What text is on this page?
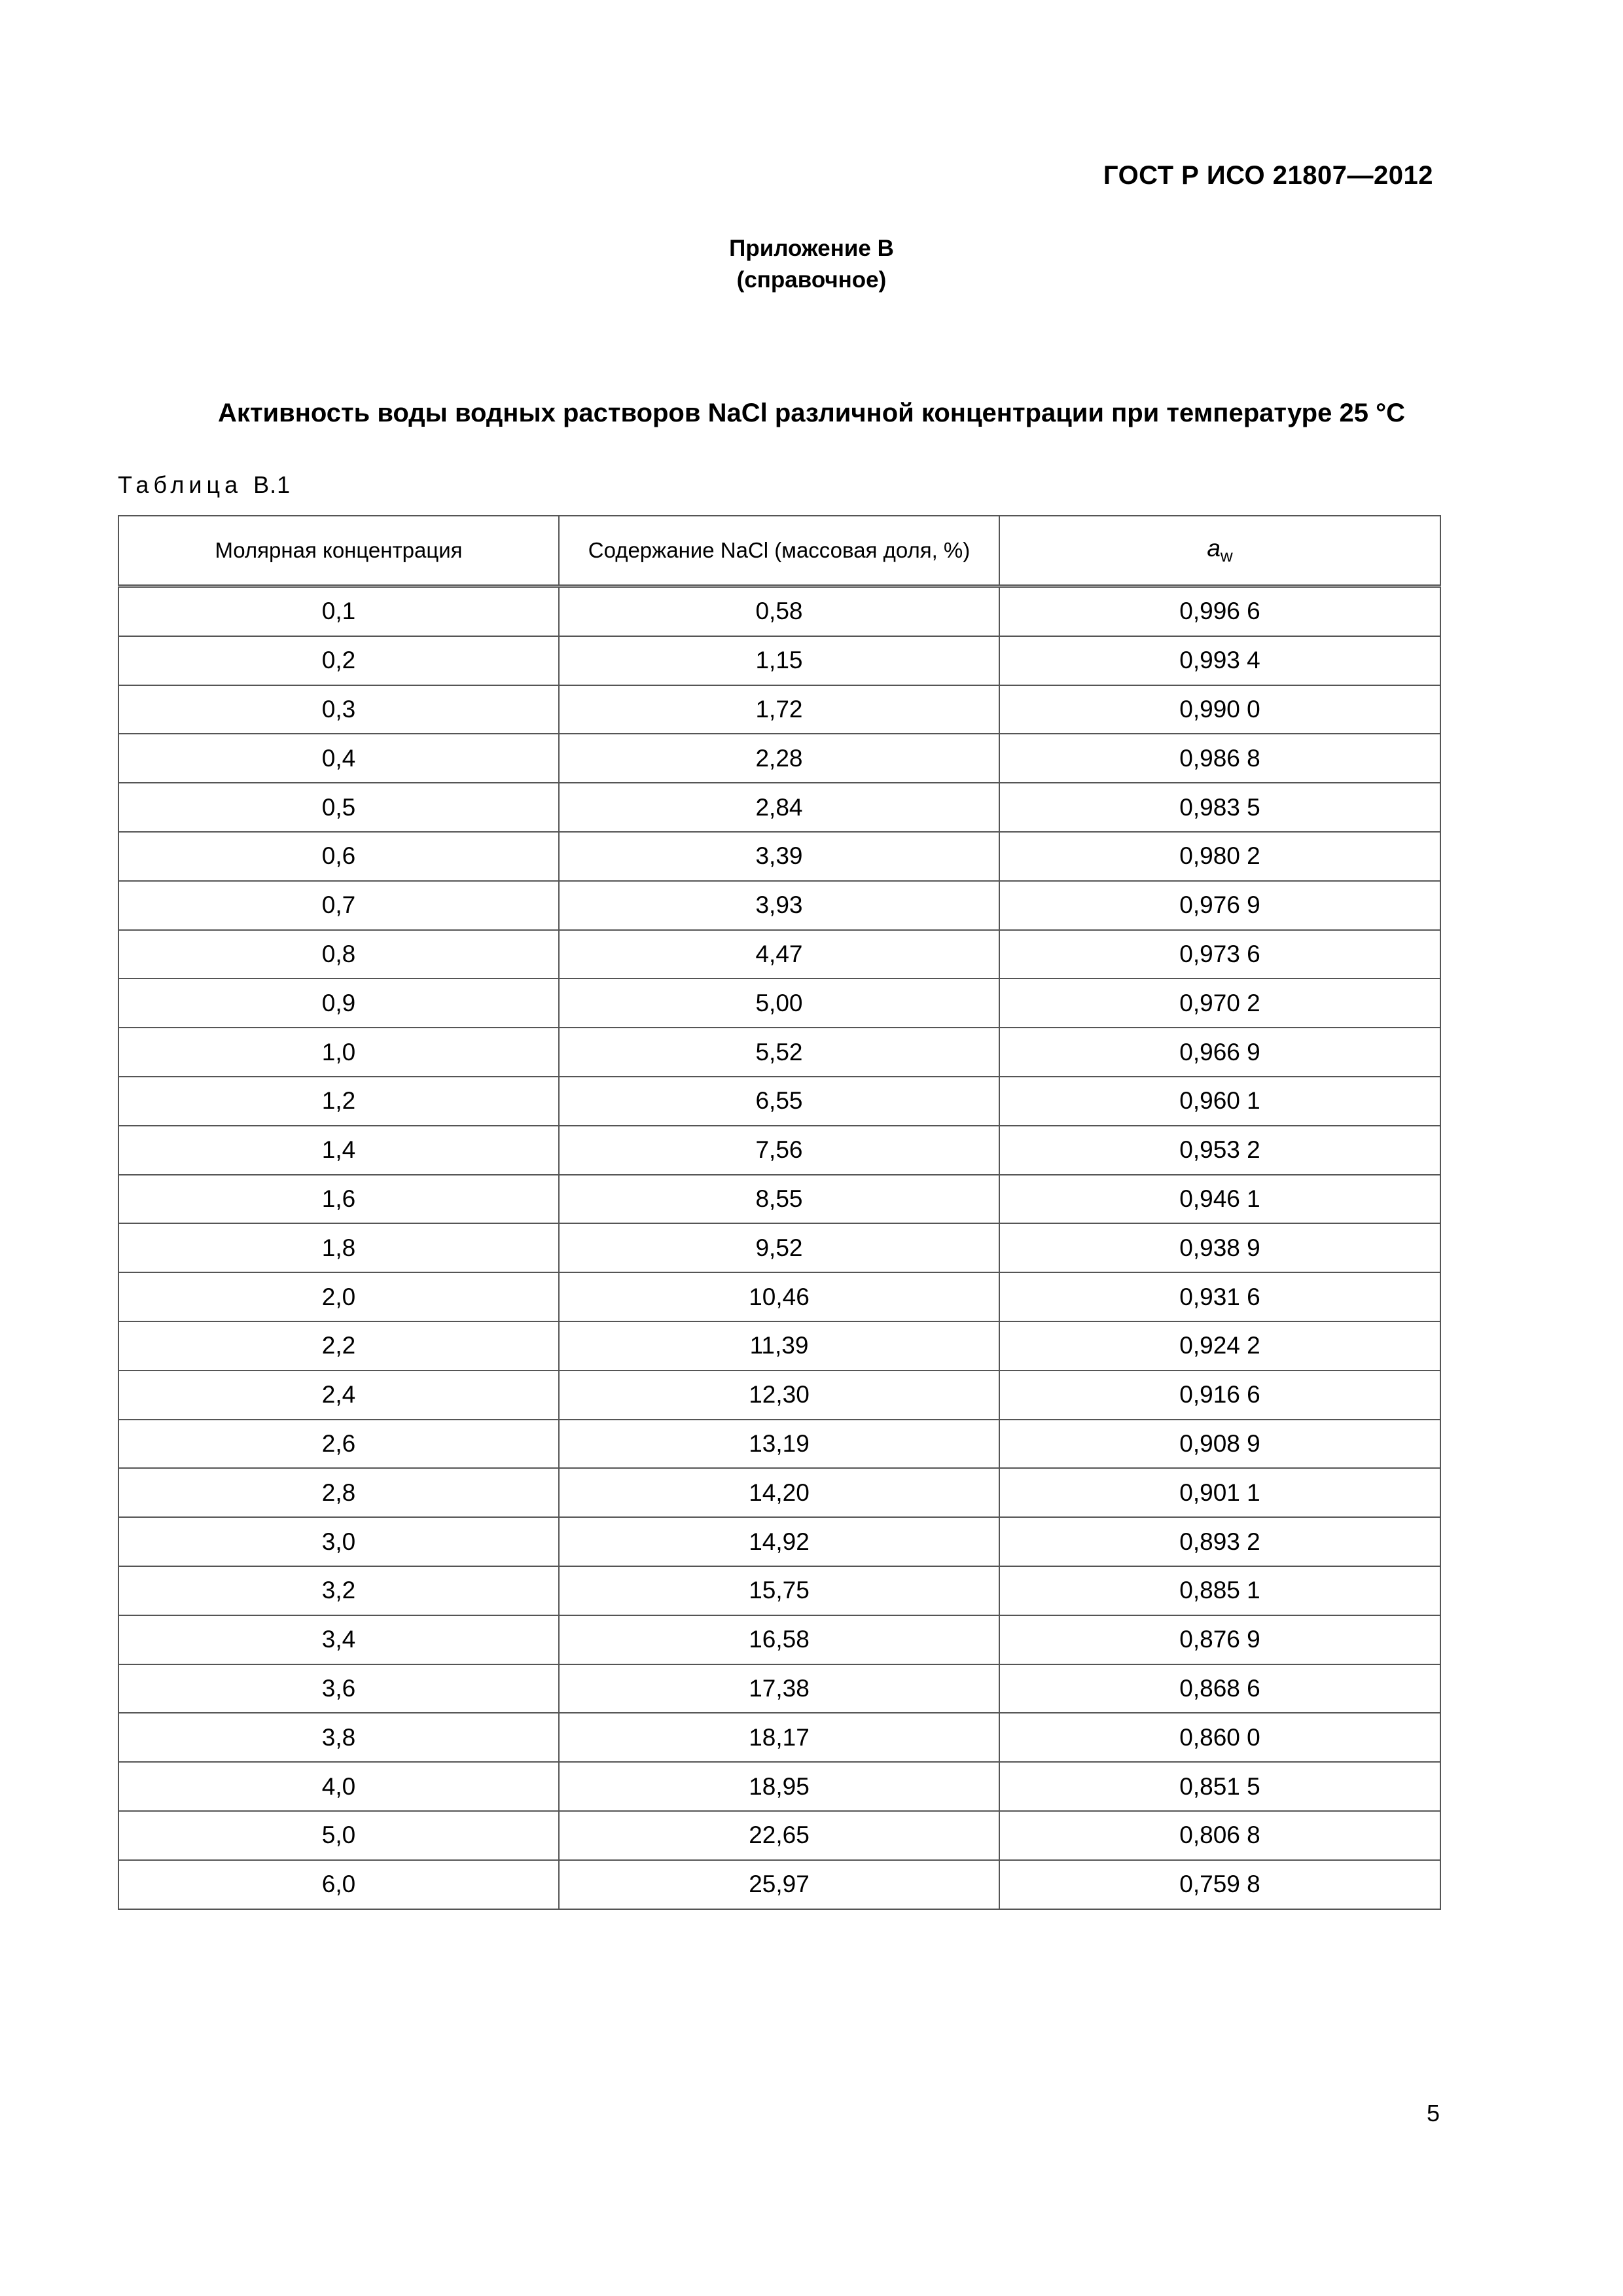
ГОСТ Р ИСО 21807—2012
Приложение В
(справочное)
Активность воды водных растворов NaCl различной концентрации при температуре 25 °С
Таблица В.1
Молярная концентрация	Содержание NaCl (массовая доля, %)	$a_w$
0,1	0,58	0,996 6
0,2	1,15	0,993 4
0,3	1,72	0,990 0
0,4	2,28	0,986 8
0,5	2,84	0,983 5
0,6	3,39	0,980 2
0,7	3,93	0,976 9
0,8	4,47	0,973 6
0,9	5,00	0,970 2
1,0	5,52	0,966 9
1,2	6,55	0,960 1
1,4	7,56	0,953 2
1,6	8,55	0,946 1
1,8	9,52	0,938 9
2,0	10,46	0,931 6
2,2	11,39	0,924 2
2,4	12,30	0,916 6
2,6	13,19	0,908 9
2,8	14,20	0,901 1
3,0	14,92	0,893 2
3,2	15,75	0,885 1
3,4	16,58	0,876 9
3,6	17,38	0,868 6
3,8	18,17	0,860 0
4,0	18,95	0,851 5
5,0	22,65	0,806 8
6,0	25,97	0,759 8
5
